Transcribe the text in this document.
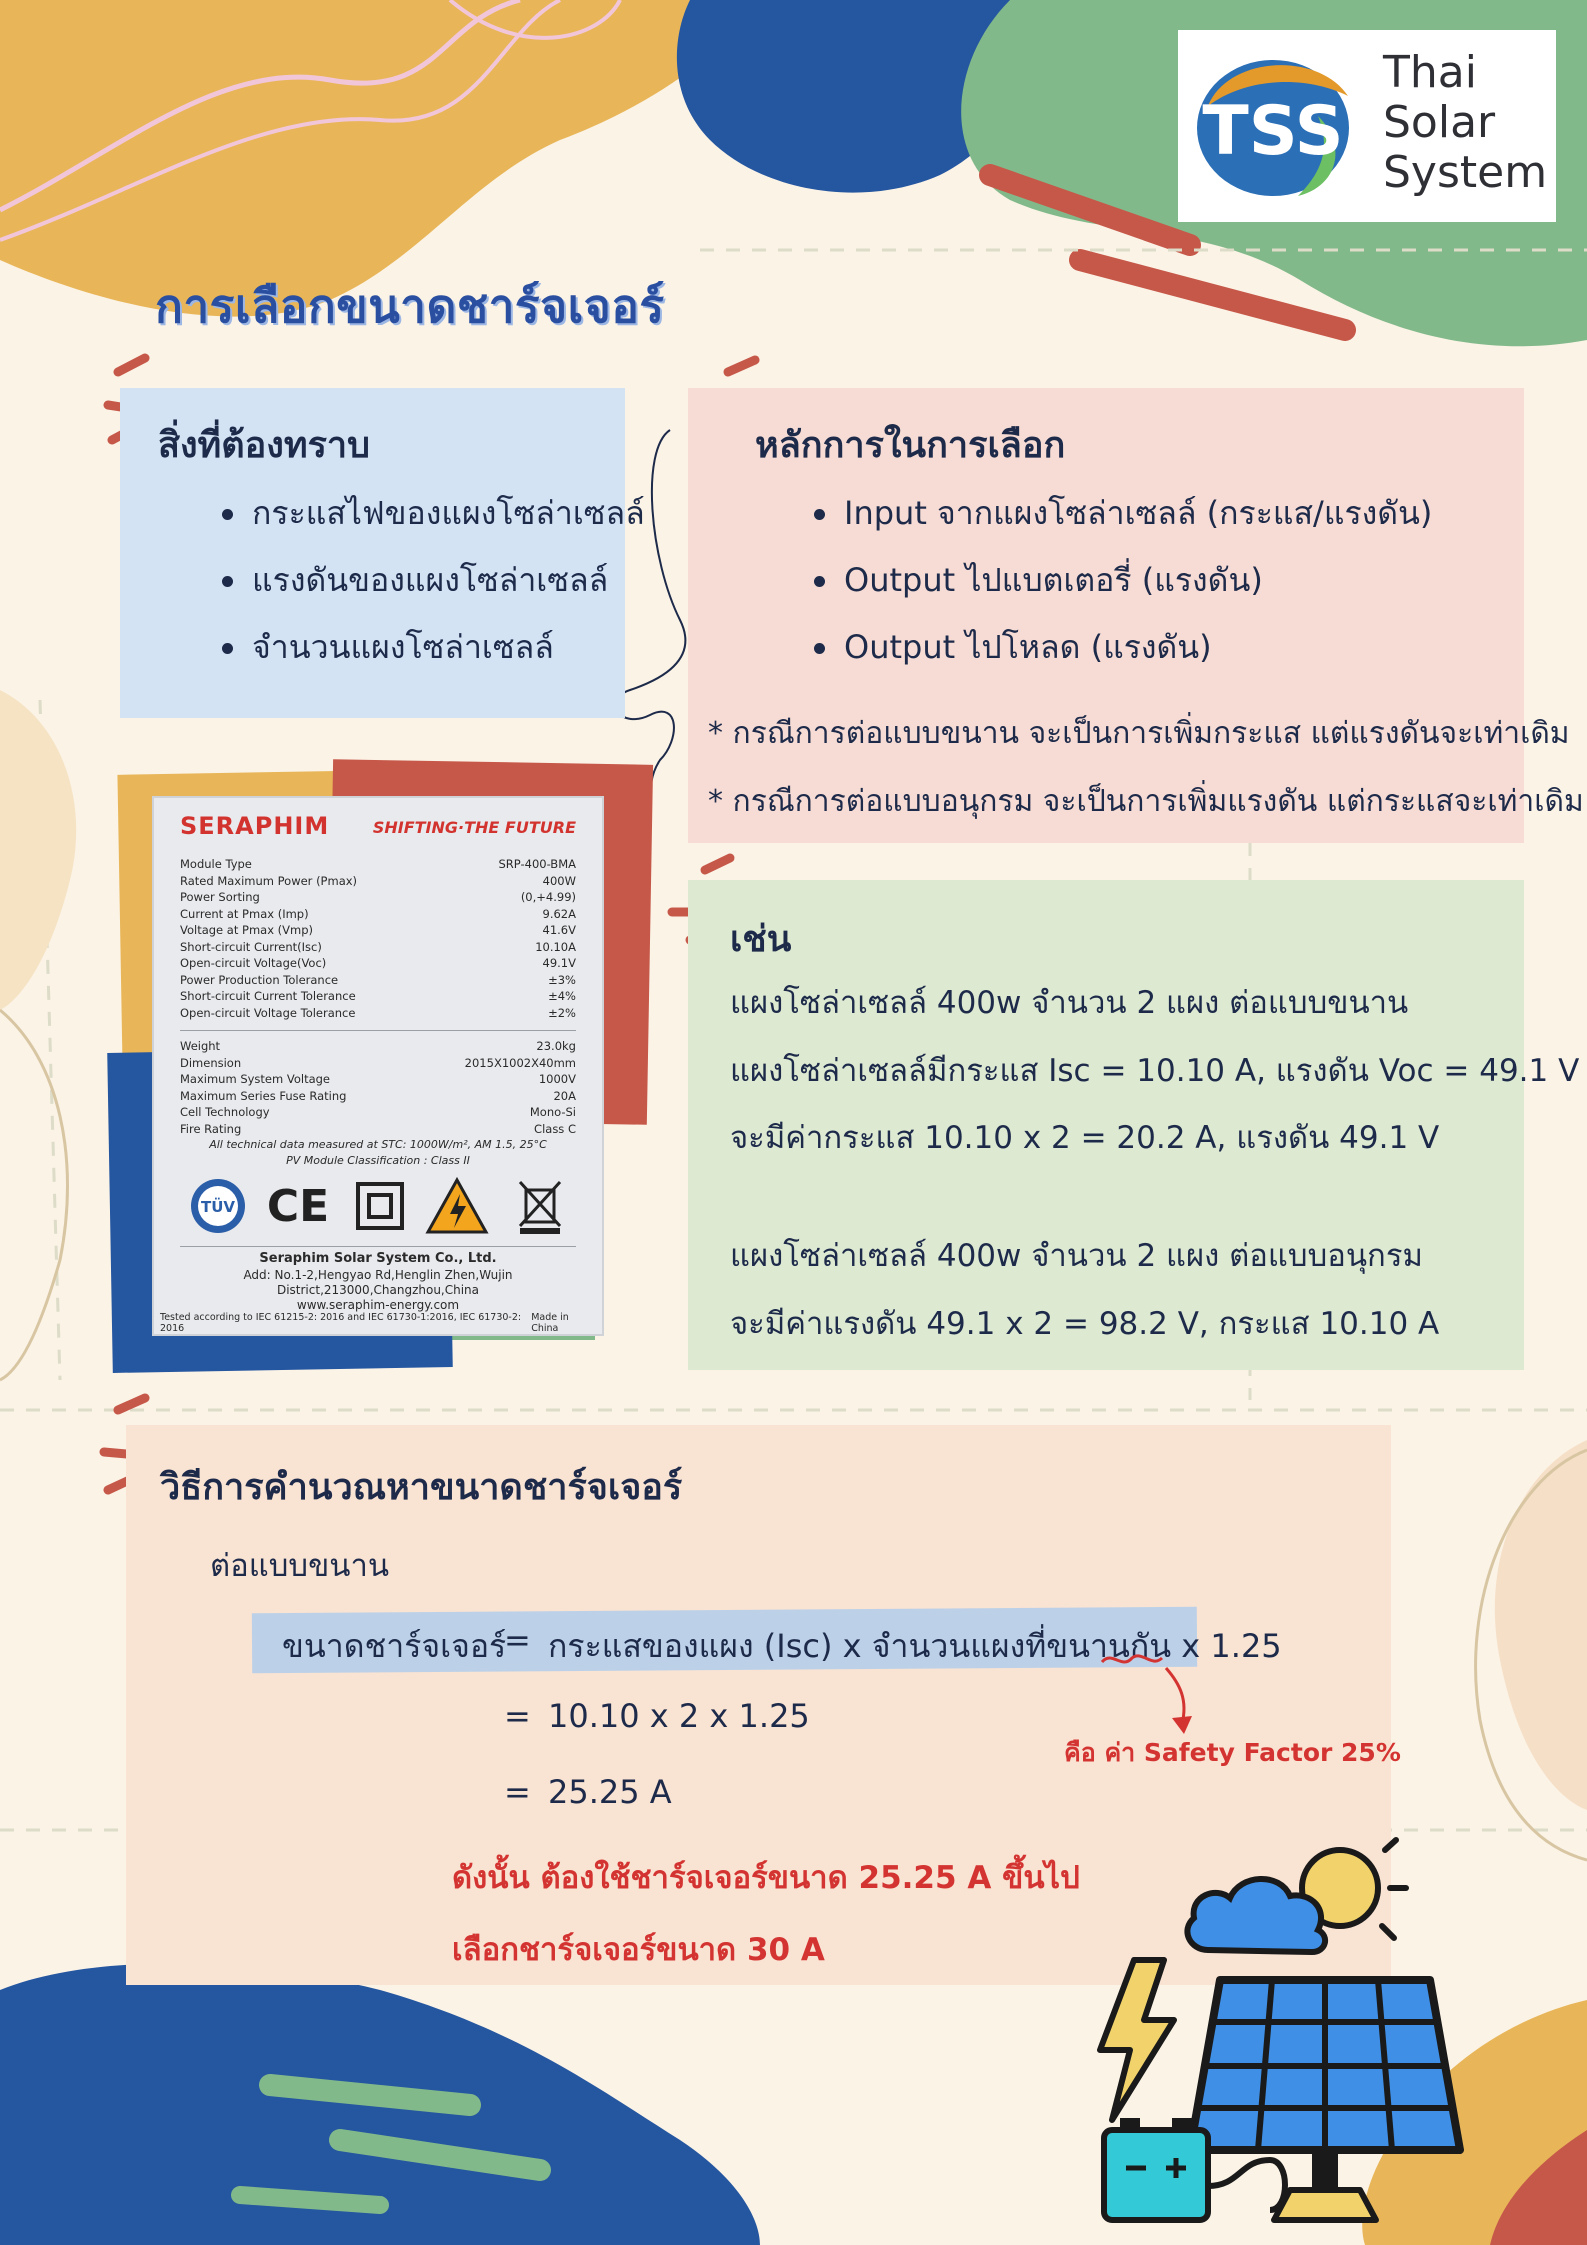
TSS
Thai
Solar
System
การเลือกขนาดชาร์จเจอร์
สิ่งที่ต้องทราบ
กระแสไฟของแผงโซล่าเซลล์
แรงดันของแผงโซล่าเซลล์
จำนวนแผงโซล่าเซลล์
หลักการในการเลือก
Input จากแผงโซล่าเซลล์ (กระแส/แรงดัน)
Output ไปแบตเตอรี่ (แรงดัน)
Output ไปโหลด (แรงดัน)
* กรณีการต่อแบบขนาน จะเป็นการเพิ่มกระแส แต่แรงดันจะเท่าเดิม
* กรณีการต่อแบบอนุกรม จะเป็นการเพิ่มแรงดัน แต่กระแสจะเท่าเดิม
เช่น
แผงโซล่าเซลล์ 400w จำนวน 2 แผง ต่อแบบขนาน
แผงโซล่าเซลล์มีกระแส Isc = 10.10 A, แรงดัน Voc = 49.1 V
จะมีค่ากระแส 10.10 x 2 = 20.2 A, แรงดัน 49.1 V
แผงโซล่าเซลล์ 400w จำนวน 2 แผง ต่อแบบอนุกรม
จะมีค่าแรงดัน 49.1 x 2 = 98.2 V, กระแส 10.10 A
SERAPHIM	SHIFTING·THE FUTURE
Module Type	SRP-400-BMA
Rated Maximum Power (Pmax)	400W
Power Sorting	(0,+4.99)
Current at Pmax (Imp)	9.62A
Voltage at Pmax (Vmp)	41.6V
Short-circuit Current(Isc)	10.10A
Open-circuit Voltage(Voc)	49.1V
Power Production Tolerance	±3%
Short-circuit Current Tolerance	±4%
Open-circuit Voltage Tolerance	±2%
Weight	23.0kg
Dimension	2015X1002X40mm
Maximum System Voltage	1000V
Maximum Series Fuse Rating	20A
Cell Technology	Mono-Si
Fire Rating	Class C
All technical data measured at STC: 1000W/m², AM 1.5, 25°C
PV Module Classification : Class II
TÜV CE
Seraphim Solar System Co., Ltd.
Add: No.1-2,Hengyao Rd,Henglin Zhen,Wujin
District,213000,Changzhou,China
www.seraphim-energy.com
Tested according to IEC 61215-2: 2016 and IEC 61730-1:2016, IEC 61730-2: 2016
Made in China
วิธีการคำนวณหาขนาดชาร์จเจอร์
ต่อแบบขนาน
ขนาดชาร์จเจอร์
= กระแสของแผง (Isc) x จำนวนแผงที่ขนานกัน x 1.25
= 10.10 x 2 x 1.25
= 25.25 A
คือ ค่า Safety Factor 25%
ดังนั้น ต้องใช้ชาร์จเจอร์ขนาด 25.25 A ขึ้นไป
เลือกชาร์จเจอร์ขนาด 30 A
